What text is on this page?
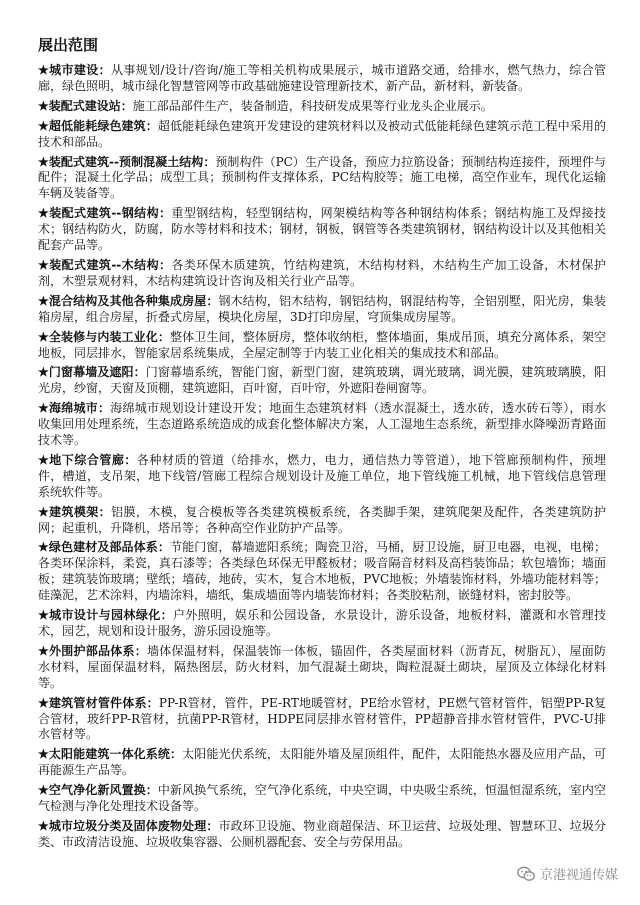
展出范围
★城市建设：从事规划/设计/咨询/施工等相关机构成果展示，城市道路交通，给排水，燃气热力，综合管廊，绿色照明，城市绿化智慧管网等市政基础施建设管理新技术，新产品，新材料，新装备。
★装配式建设站：施工部品部件生产，装备制造，科技研发成果等行业龙头企业展示。
★超低能耗绿色建筑：超低能耗绿色建筑开发建设的建筑材料以及被动式低能耗绿色建筑示范工程中采用的技术和部品。
★装配式建筑--预制混凝土结构：预制构件（PC）生产设备，预应力拉筋设备；预制结构连接件，预埋件与配件；混凝土化学品；成型工具；预制构件支撑体系，PC结构胶等；施工电梯，高空作业车，现代化运输车辆及装备等。
★装配式建筑--钢结构：重型钢结构，轻型钢结构，网架模结构等各种钢结构体系；钢结构施工及焊接技术；钢结构防火，防腐，防水等材料和技术；钢材，钢板，钢管等各类建筑钢材，钢结构设计以及其他相关配套产品等。
★装配式建筑--木结构：各类环保木质建筑，竹结构建筑，木结构材料，木结构生产加工设备，木材保护剂，木塑景观材料，木结构建筑设计咨询及相关行业产品等。
★混合结构及其他各种集成房屋：钢木结构，铝木结构，钢铝结构，钢混结构等，全铝别墅，阳光房，集装箱房屋，组合房屋，折叠式房屋，模块化房屋，3D打印房屋，穹顶集成房屋等。
★全装修与内装工业化：整体卫生间，整体厨房，整体收纳柜，整体墙面，集成吊顶，填充分离体系，架空地板，同层排水，智能家居系统集成，全屋定制等于内装工业化相关的集成技术和部品。
★门窗幕墙及遮阳：门窗幕墙系统，智能门窗，新型门窗，建筑玻璃，调光玻璃，调光膜，建筑玻璃膜，阳光房，纱窗，天窗及顶棚，建筑遮阳，百叶窗，百叶帘，外遮阳卷闸窗等。
★海绵城市：海绵城市规划设计建设开发；地面生态建筑材料（透水混凝土，透水砖，透水砖石等），雨水收集回用处理系统，生态道路系统造成的成套化整体解决方案，人工湿地生态系统，新型排水降噪沥青路面技术等。
★地下综合管廊：各种材质的管道（给排水，燃力，电力，通信热力等管道），地下管廊预制构件，预埋件，槽道，支吊架，地下线管/管廊工程综合规划设计及施工单位，地下管线施工机械，地下管线信息管理系统软件等。
★建筑模架：铝膜，木模，复合模板等各类建筑模板系统，各类脚手架，建筑爬架及配件，各类建筑防护网；起重机，升降机，塔吊等；各种高空作业防护产品等。
★绿色建材及部品体系：节能门窗，幕墙遮阳系统；陶瓷卫浴，马桶，厨卫设施，厨卫电器，电视，电梯；各类环保涂料，柔瓷，真石漆等；各类绿色环保无甲醛板材；吸音隔音材料及高档装饰品；软包墙饰；墙面板；建筑装饰玻璃；壁纸；墙砖，地砖，实木，复合木地板，PVC地板；外墙装饰材料，外墙功能材料等；硅藻泥，艺术涂料，内墙涂料，墙纸，集成墙面等内墙装饰材料；各类胶粘剂，嵌缝材料，密封胶等。
★城市设计与园林绿化：户外照明，娱乐和公园设备，水景设计，游乐设备，地板材料，灌溉和水管理技术，园艺，规划和设计服务，游乐园设施等。
★外围护部品体系：墙体保温材料，保温装饰一体板，锚固件，各类屋面材料（沥青瓦，树脂瓦），屋面防水材料，屋面保温材料，隔热图层，防火材料，加气混凝土砌块，陶粒混凝土砌块，屋顶及立体绿化材料等。
★建筑管材管件体系：PP-R管材，管件，PE-RT地暖管材，PE给水管材，PE燃气管材管件，铝塑PP-R复合管材，玻纤PP-R管材，抗菌PP-R管材，HDPE同层排水管材管件，PP超静音排水管材管件，PVC-U排水管材等。
★太阳能建筑一体化系统：太阳能光伏系统，太阳能外墙及屋顶组件，配件，太阳能热水器及应用产品，可再能源生产品等。
★空气净化新风置换：中新风换气系统，空气净化系统，中央空调，中央吸尘系统，恒温恒湿系统，室内空气检测与净化处理技术设备等。
★城市垃圾分类及固体废物处理：市政环卫设施、物业商超保洁、环卫运营、垃圾处理、智慧环卫、垃圾分类、市政清洁设施、垃圾收集容器、公厕机器配套、安全与劳保用品。
京港视通传媒
